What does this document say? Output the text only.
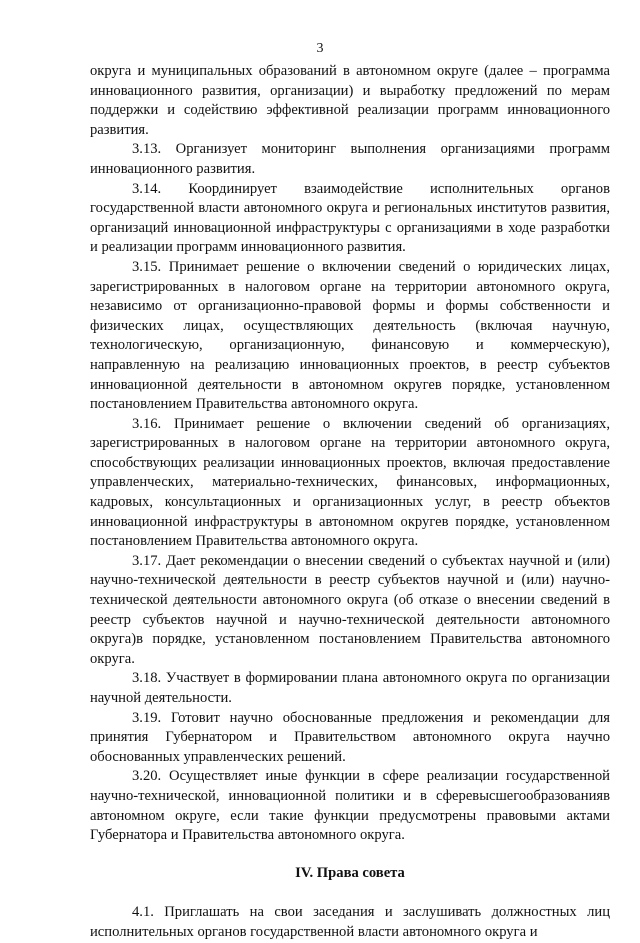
3

округа и муниципальных образований в автономном округе (далее – программа инновационного развития, организации) и выработку предложений по мерам поддержки и содействию эффективной реализации программ инновационного развития.

3.13. Организует мониторинг выполнения организациями программ инновационного развития.

3.14. Координирует взаимодействие исполнительных органов государственной власти автономного округа и региональных институтов развития, организаций инновационной инфраструктуры с организациями в ходе разработки и реализации программ инновационного развития.

3.15. Принимает решение о включении сведений о юридических лицах, зарегистрированных в налоговом органе на территории автономного округа, независимо от организационно-правовой формы и формы собственности и физических лицах, осуществляющих деятельность (включая научную, технологическую, организационную, финансовую и коммерческую), направленную на реализацию инновационных проектов, в реестр субъектов инновационной деятельности в автономном округев порядке, установленном постановлением Правительства автономного округа.

3.16. Принимает решение о включении сведений об организациях, зарегистрированных в налоговом органе на территории автономного округа, способствующих реализации инновационных проектов, включая предоставление управленческих, материально-технических, финансовых, информационных, кадровых, консультационных и организационных услуг, в реестр объектов инновационной инфраструктуры в автономном округев порядке, установленном постановлением Правительства автономного округа.

3.17. Дает рекомендации о внесении сведений о субъектах научной и (или) научно-технической деятельности в реестр субъектов научной и (или) научно-технической деятельности автономного округа (об отказе о внесении сведений в реестр субъектов научной и научно-технической деятельности автономного округа)в порядке, установленном постановлением Правительства автономного округа.

3.18. Участвует в формировании плана автономного округа по организации научной деятельности.

3.19. Готовит научно обоснованные предложения и рекомендации для принятия Губернатором и Правительством автономного округа научно обоснованных управленческих решений.

3.20. Осуществляет иные функции в сфере реализации государственной научно-технической, инновационной политики и в сферевысшегообразованияв автономном округе, если такие функции предусмотрены правовыми актами Губернатора и Правительства автономного округа.

IV. Права совета

4.1. Приглашать на свои заседания и заслушивать должностных лиц исполнительных органов государственной власти автономного округа и
